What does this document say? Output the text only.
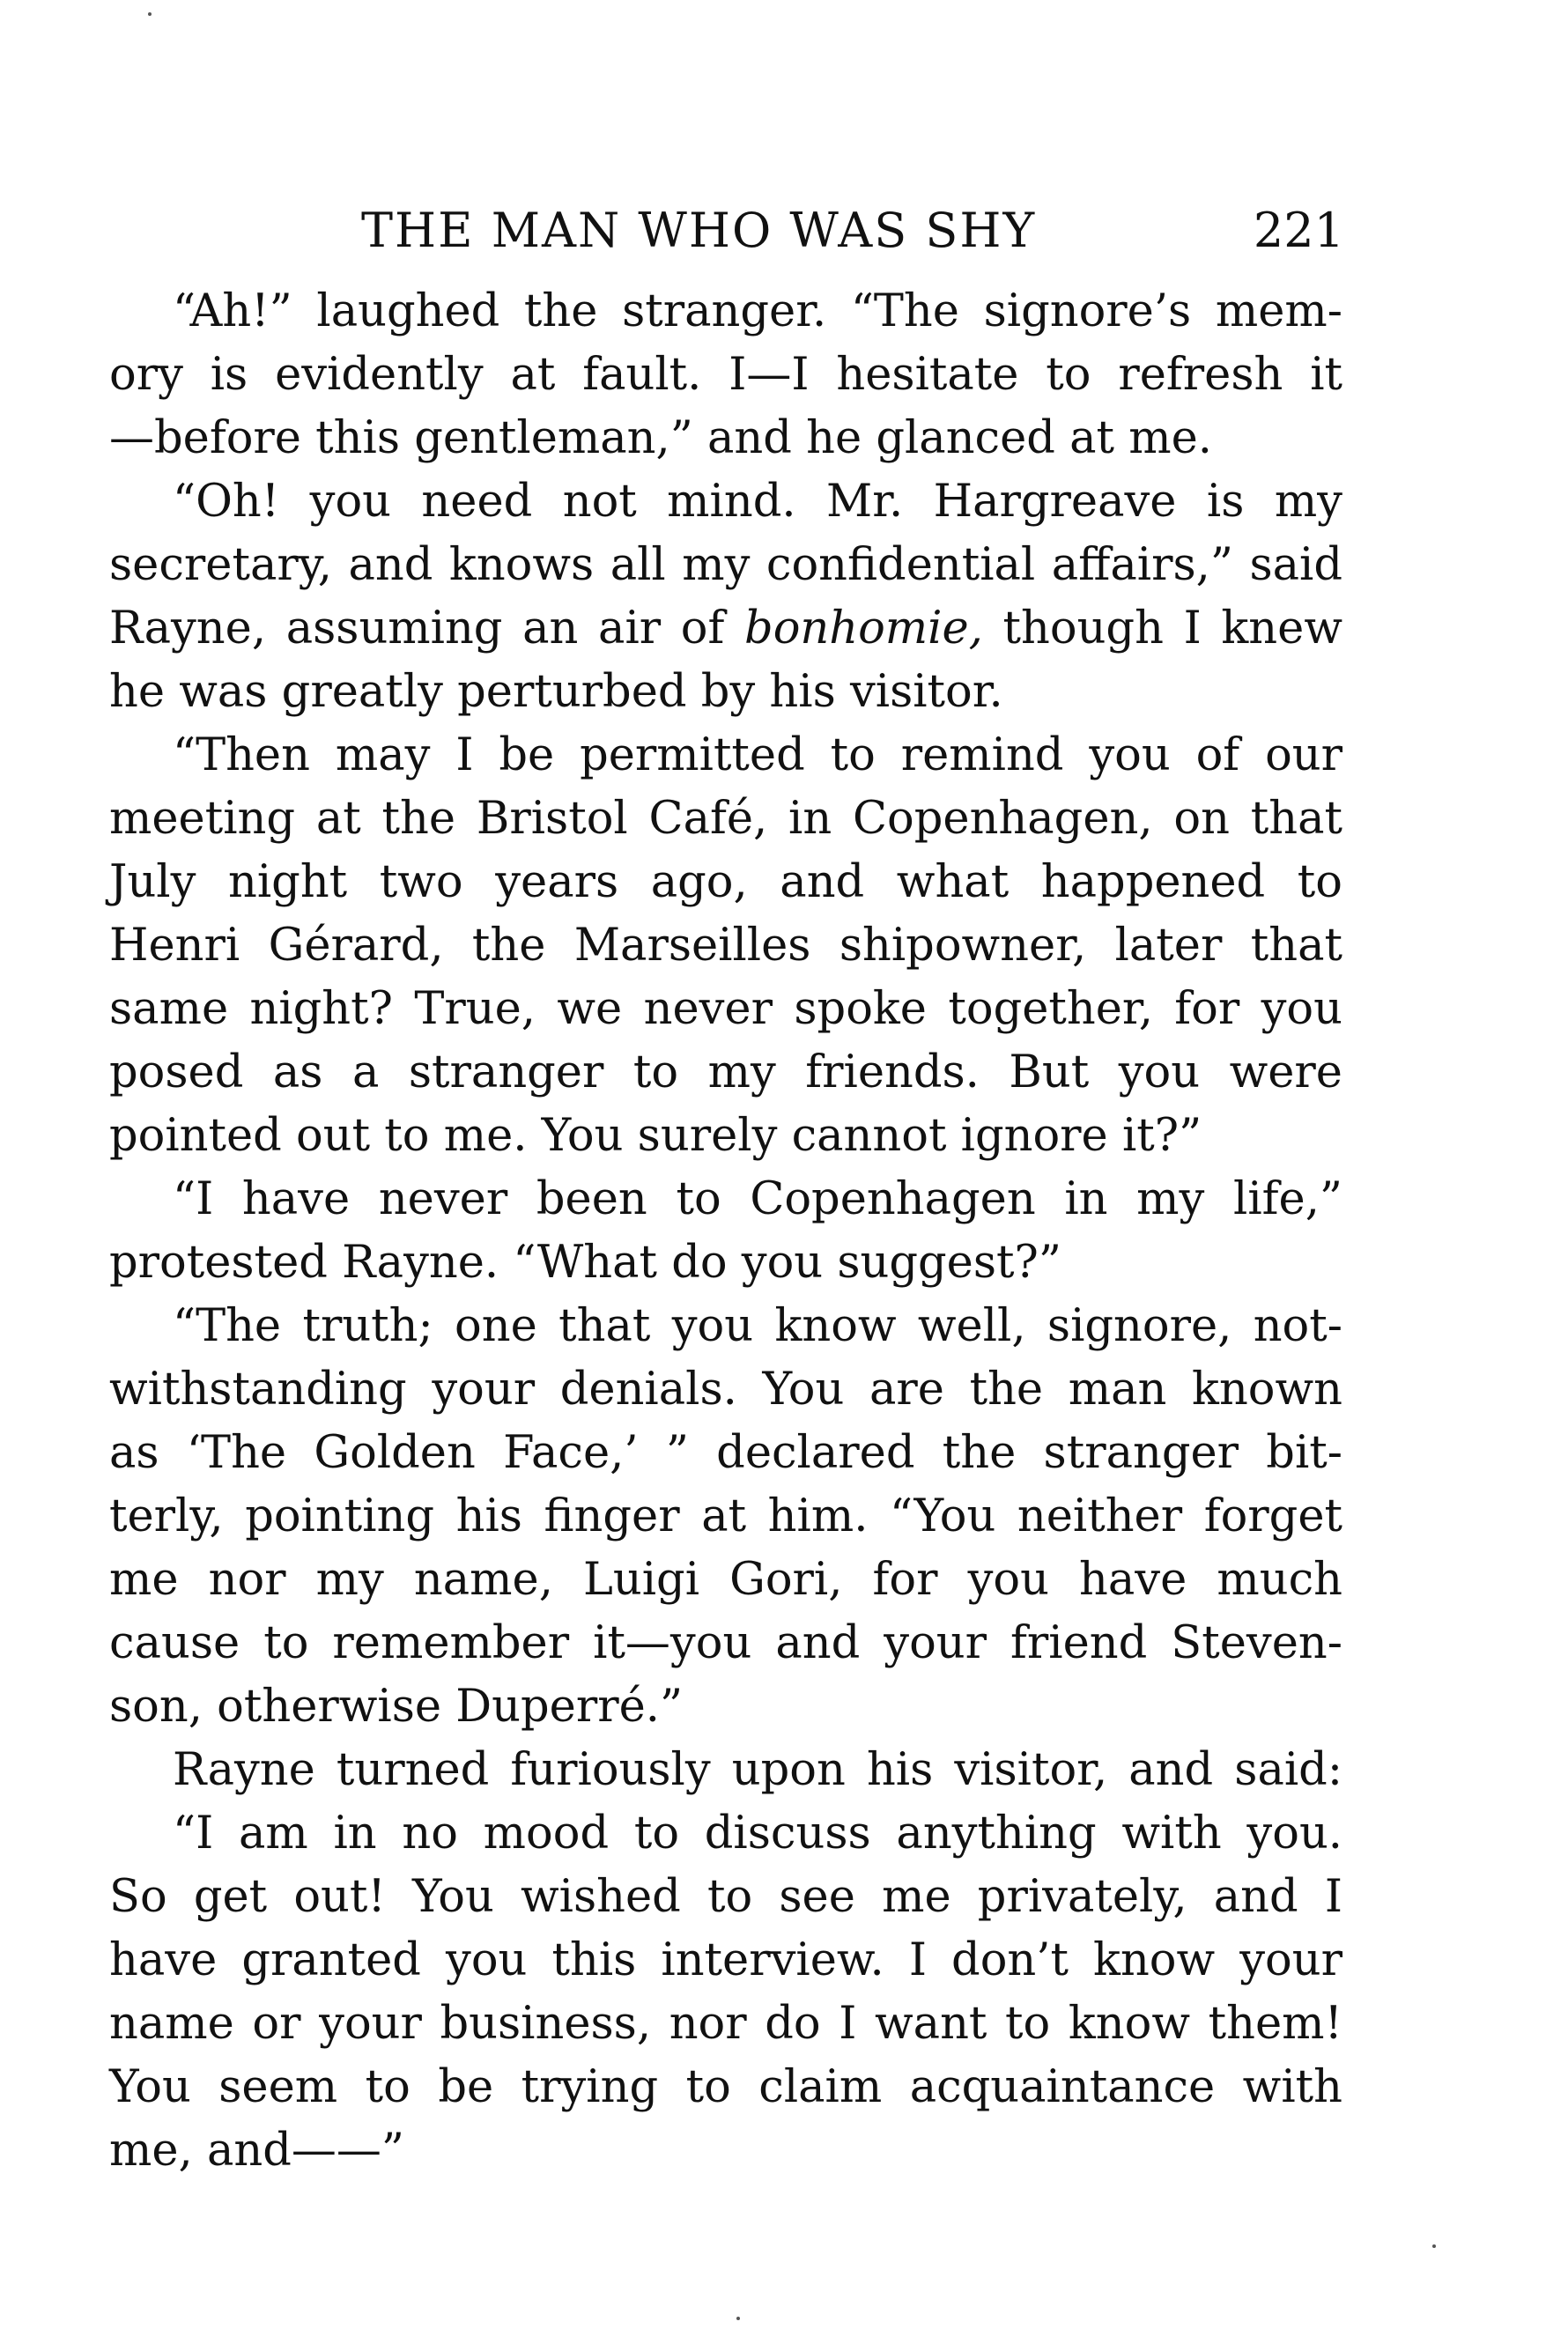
THE MAN WHO WAS SHY	221
“Ah!” laughed the stranger. “The signore’s mem-
ory is evidently at fault. I—I hesitate to refresh it
—before this gentleman,” and he glanced at me.
“Oh! you need not mind. Mr. Hargreave is my
secretary, and knows all my confidential affairs,” said
Rayne, assuming an air of bonhomie, though I knew
he was greatly perturbed by his visitor.
“Then may I be permitted to remind you of our
meeting at the Bristol Café, in Copenhagen, on that
July night two years ago, and what happened to
Henri Gérard, the Marseilles shipowner, later that
same night? True, we never spoke together, for you
posed as a stranger to my friends. But you were
pointed out to me. You surely cannot ignore it?”
“I have never been to Copenhagen in my life,”
protested Rayne. “What do you suggest?”
“The truth; one that you know well, signore, not-
withstanding your denials. You are the man known
as ‘The Golden Face,’ ” declared the stranger bit-
terly, pointing his finger at him. “You neither forget
me nor my name, Luigi Gori, for you have much
cause to remember it—you and your friend Steven-
son, otherwise Duperré.”
Rayne turned furiously upon his visitor, and said:
“I am in no mood to discuss anything with you.
So get out! You wished to see me privately, and I
have granted you this interview. I don’t know your
name or your business, nor do I want to know them!
You seem to be trying to claim acquaintance with
me, and——”
